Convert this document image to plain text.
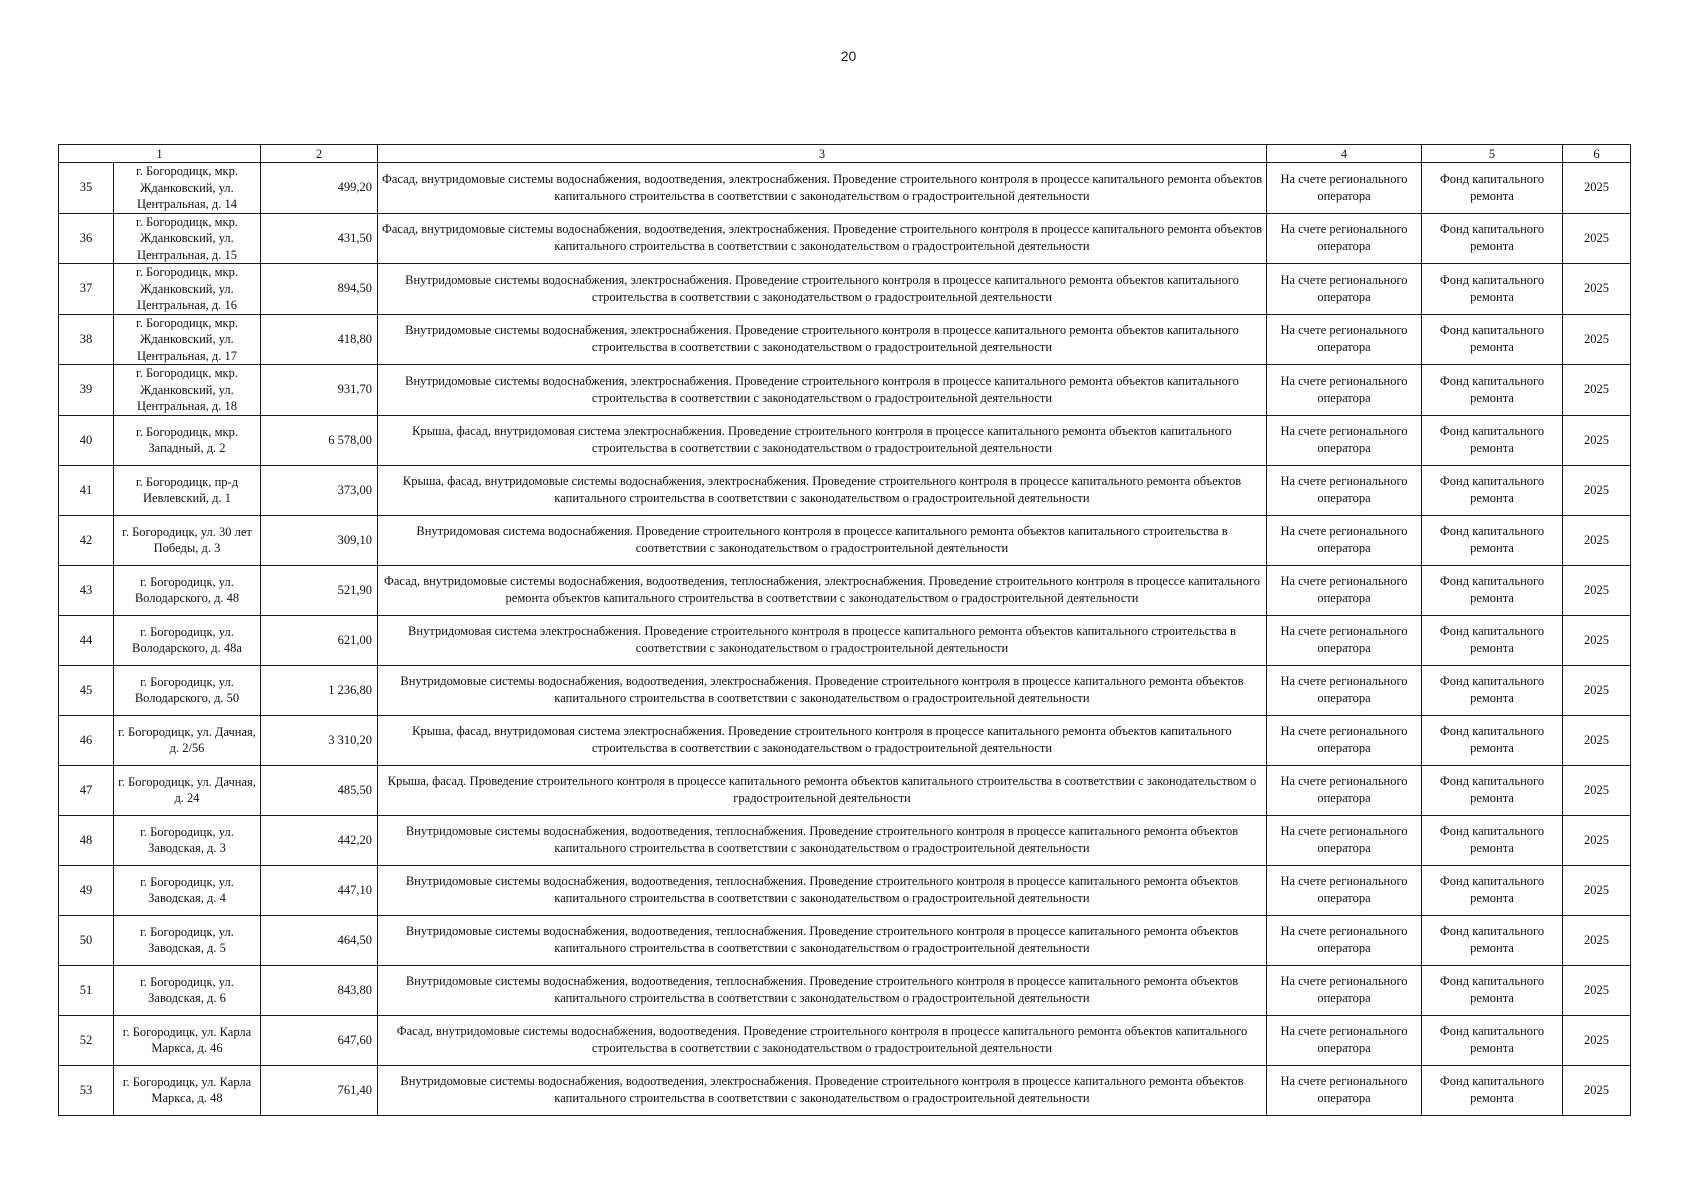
20
1		2	3	4	5	6
35	г. Богородицк, мкр. Жданковский, ул. Центральная, д. 14	499,20	Фасад, внутридомовые системы водоснабжения, водоотведения, электроснабжения. Проведение строительного контроля в процессе капитального ремонта объектов капитального строительства в соответствии с законодательством о градостроительной деятельности	На счете регионального оператора	Фонд капитального ремонта	2025
36	г. Богородицк, мкр. Жданковский, ул. Центральная, д. 15	431,50	Фасад, внутридомовые системы водоснабжения, водоотведения, электроснабжения. Проведение строительного контроля в процессе капитального ремонта объектов капитального строительства в соответствии с законодательством о градостроительной деятельности	На счете регионального оператора	Фонд капитального ремонта	2025
37	г. Богородицк, мкр. Жданковский, ул. Центральная, д. 16	894,50	Внутридомовые системы водоснабжения, электроснабжения. Проведение строительного контроля в процессе капитального ремонта объектов капитального строительства в соответствии с законодательством о градостроительной деятельности	На счете регионального оператора	Фонд капитального ремонта	2025
38	г. Богородицк, мкр. Жданковский, ул. Центральная, д. 17	418,80	Внутридомовые системы водоснабжения, электроснабжения. Проведение строительного контроля в процессе капитального ремонта объектов капитального строительства в соответствии с законодательством о градостроительной деятельности	На счете регионального оператора	Фонд капитального ремонта	2025
39	г. Богородицк, мкр. Жданковский, ул. Центральная, д. 18	931,70	Внутридомовые системы водоснабжения, электроснабжения. Проведение строительного контроля в процессе капитального ремонта объектов капитального строительства в соответствии с законодательством о градостроительной деятельности	На счете регионального оператора	Фонд капитального ремонта	2025
40	г. Богородицк, мкр. Западный, д. 2	6 578,00	Крыша, фасад, внутридомовая система электроснабжения. Проведение строительного контроля в процессе капитального ремонта объектов капитального строительства в соответствии с законодательством о градостроительной деятельности	На счете регионального оператора	Фонд капитального ремонта	2025
41	г. Богородицк, пр-д Иевлевский, д. 1	373,00	Крыша, фасад, внутридомовые системы водоснабжения, электроснабжения. Проведение строительного контроля в процессе капитального ремонта объектов капитального строительства в соответствии с законодательством о градостроительной деятельности	На счете регионального оператора	Фонд капитального ремонта	2025
42	г. Богородицк, ул. 30 лет Победы, д. 3	309,10	Внутридомовая система водоснабжения. Проведение строительного контроля в процессе капитального ремонта объектов капитального строительства в соответствии с законодательством о градостроительной деятельности	На счете регионального оператора	Фонд капитального ремонта	2025
43	г. Богородицк, ул. Володарского, д. 48	521,90	Фасад, внутридомовые системы водоснабжения, водоотведения, теплоснабжения, электроснабжения. Проведение строительного контроля в процессе капитального ремонта объектов капитального строительства в соответствии с законодательством о градостроительной деятельности	На счете регионального оператора	Фонд капитального ремонта	2025
44	г. Богородицк, ул. Володарского, д. 48а	621,00	Внутридомовая система электроснабжения. Проведение строительного контроля в процессе капитального ремонта объектов капитального строительства в соответствии с законодательством о градостроительной деятельности	На счете регионального оператора	Фонд капитального ремонта	2025
45	г. Богородицк, ул. Володарского, д. 50	1 236,80	Внутридомовые системы водоснабжения, водоотведения, электроснабжения. Проведение строительного контроля в процессе капитального ремонта объектов капитального строительства в соответствии с законодательством о градостроительной деятельности	На счете регионального оператора	Фонд капитального ремонта	2025
46	г. Богородицк, ул. Дачная, д. 2/56	3 310,20	Крыша, фасад, внутридомовая система электроснабжения. Проведение строительного контроля в процессе капитального ремонта объектов капитального строительства в соответствии с законодательством о градостроительной деятельности	На счете регионального оператора	Фонд капитального ремонта	2025
47	г. Богородицк, ул. Дачная, д. 24	485,50	Крыша, фасад. Проведение строительного контроля в процессе капитального ремонта объектов капитального строительства в соответствии с законодательством о градостроительной деятельности	На счете регионального оператора	Фонд капитального ремонта	2025
48	г. Богородицк, ул. Заводская, д. 3	442,20	Внутридомовые системы водоснабжения, водоотведения, теплоснабжения. Проведение строительного контроля в процессе капитального ремонта объектов капитального строительства в соответствии с законодательством о градостроительной деятельности	На счете регионального оператора	Фонд капитального ремонта	2025
49	г. Богородицк, ул. Заводская, д. 4	447,10	Внутридомовые системы водоснабжения, водоотведения, теплоснабжения. Проведение строительного контроля в процессе капитального ремонта объектов капитального строительства в соответствии с законодательством о градостроительной деятельности	На счете регионального оператора	Фонд капитального ремонта	2025
50	г. Богородицк, ул. Заводская, д. 5	464,50	Внутридомовые системы водоснабжения, водоотведения, теплоснабжения. Проведение строительного контроля в процессе капитального ремонта объектов капитального строительства в соответствии с законодательством о градостроительной деятельности	На счете регионального оператора	Фонд капитального ремонта	2025
51	г. Богородицк, ул. Заводская, д. 6	843,80	Внутридомовые системы водоснабжения, водоотведения, теплоснабжения. Проведение строительного контроля в процессе капитального ремонта объектов капитального строительства в соответствии с законодательством о градостроительной деятельности	На счете регионального оператора	Фонд капитального ремонта	2025
52	г. Богородицк, ул. Карла Маркса, д. 46	647,60	Фасад, внутридомовые системы водоснабжения, водоотведения. Проведение строительного контроля в процессе капитального ремонта объектов капитального строительства в соответствии с законодательством о градостроительной деятельности	На счете регионального оператора	Фонд капитального ремонта	2025
53	г. Богородицк, ул. Карла Маркса, д. 48	761,40	Внутридомовые системы водоснабжения, водоотведения, электроснабжения. Проведение строительного контроля в процессе капитального ремонта объектов капитального строительства в соответствии с законодательством о градостроительной деятельности	На счете регионального оператора	Фонд капитального ремонта	2025
